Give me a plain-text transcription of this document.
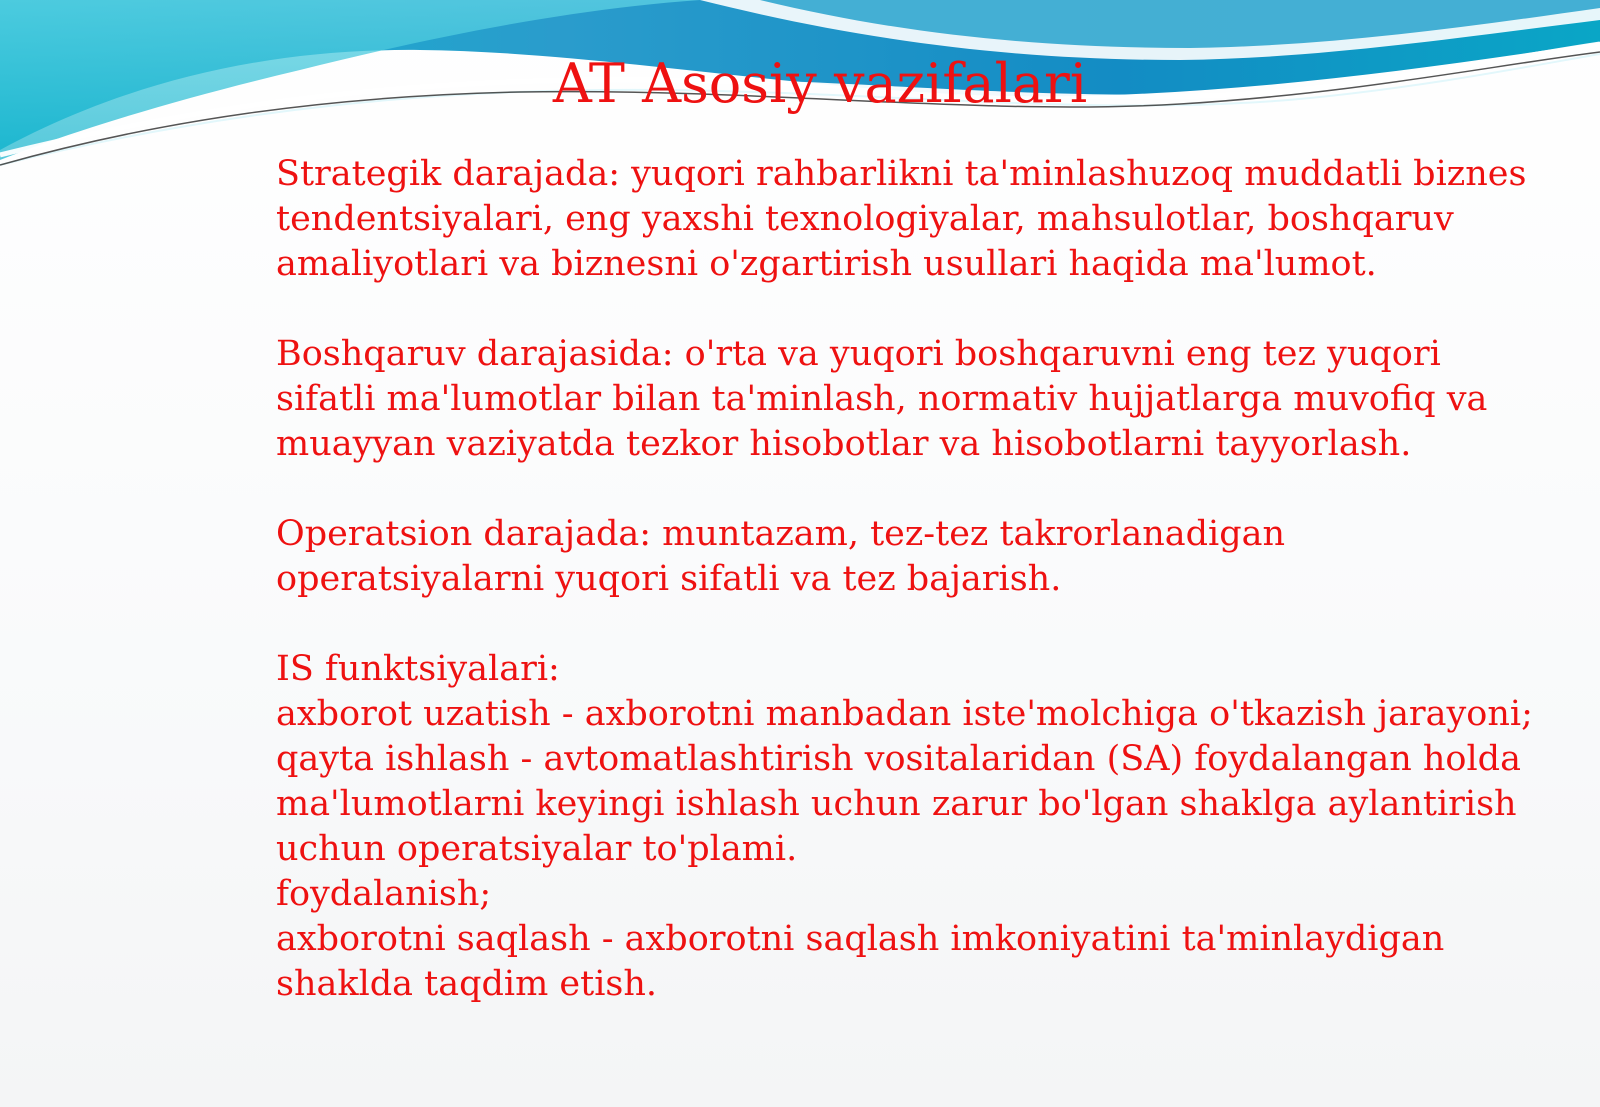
AT Asosiy vazifalari

Strategik darajada: yuqori rahbarlikni ta'minlashuzoq muddatli biznes
tendentsiyalari, eng yaxshi texnologiyalar, mahsulotlar, boshqaruv
amaliyotlari va biznesni o'zgartirish usullari haqida ma'lumot.

Boshqaruv darajasida: o'rta va yuqori boshqaruvni eng tez yuqori
sifatli ma'lumotlar bilan ta'minlash, normativ hujjatlarga muvofiq va
muayyan vaziyatda tezkor hisobotlar va hisobotlarni tayyorlash.

Operatsion darajada: muntazam, tez-tez takrorlanadigan
operatsiyalarni yuqori sifatli va tez bajarish.

IS funktsiyalari:
axborot uzatish - axborotni manbadan iste'molchiga o'tkazish jarayoni;
qayta ishlash - avtomatlashtirish vositalaridan (SA) foydalangan holda
ma'lumotlarni keyingi ishlash uchun zarur bo'lgan shaklga aylantirish
uchun operatsiyalar to'plami.
foydalanish;
axborotni saqlash - axborotni saqlash imkoniyatini ta'minlaydigan
shaklda taqdim etish.
